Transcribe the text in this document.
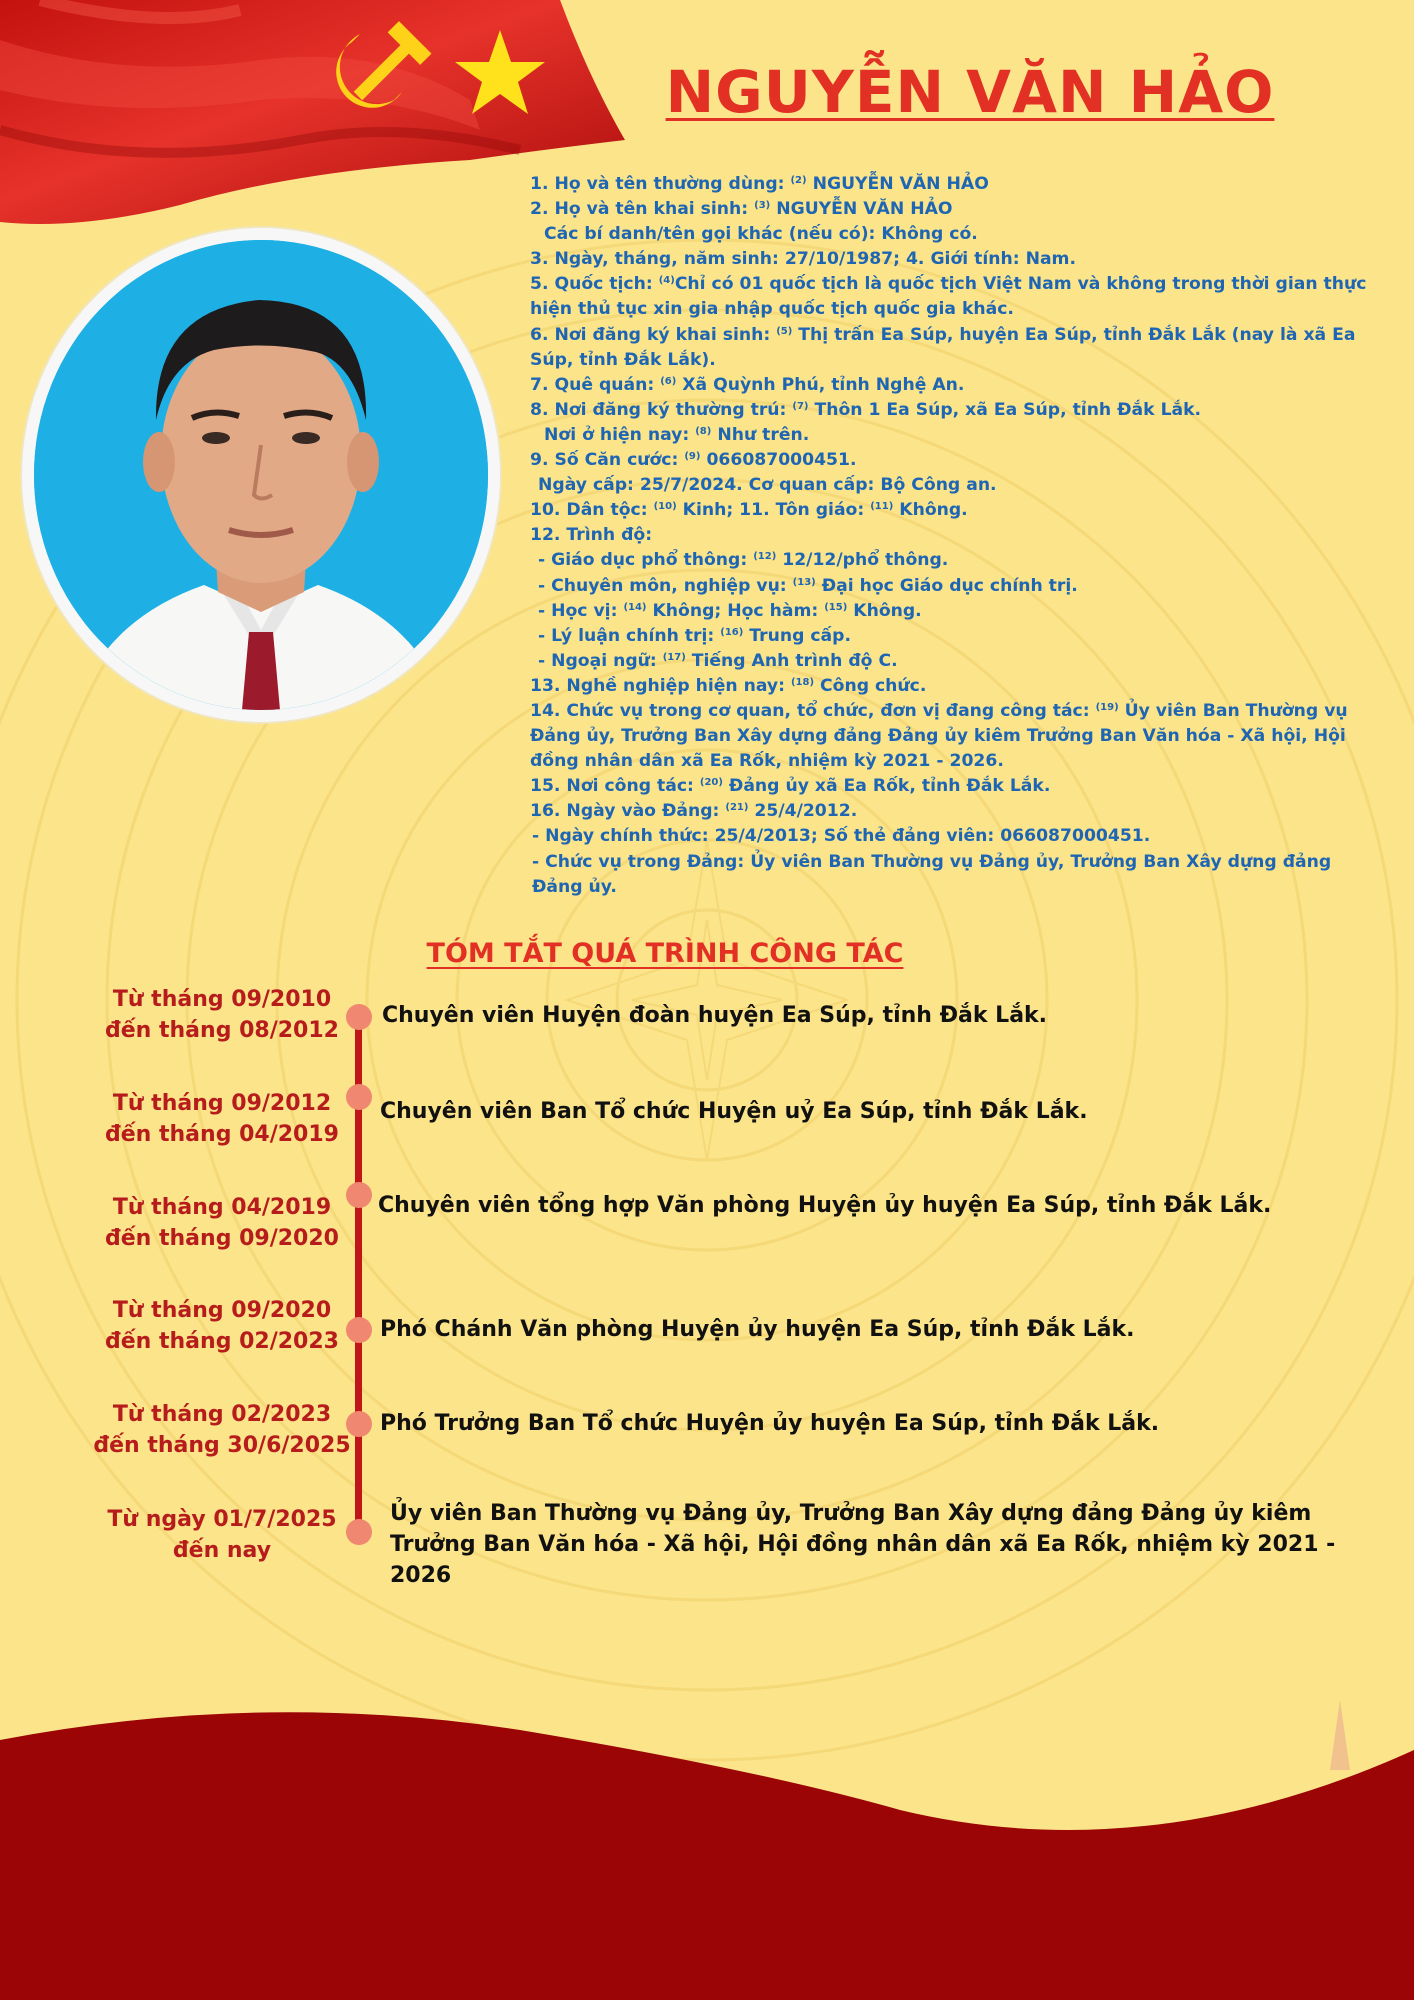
NGUYỄN VĂN HẢO

1. Họ và tên thường dùng: $^{(2)}$ NGUYỄN VĂN HẢO

2. Họ và tên khai sinh: $^{(3)}$ NGUYỄN VĂN HẢO

Các bí danh/tên gọi khác (nếu có): Không có.

3. Ngày, tháng, năm sinh: 27/10/1987; 4. Giới tính: Nam.

5. Quốc tịch: $^{(4)}$Chỉ có 01 quốc tịch là quốc tịch Việt Nam và không trong thời gian thực hiện thủ tục xin gia nhập quốc tịch quốc gia khác.

6. Nơi đăng ký khai sinh: $^{(5)}$ Thị trấn Ea Súp, huyện Ea Súp, tỉnh Đắk Lắk (nay là xã Ea Súp, tỉnh Đắk Lắk).

7. Quê quán: $^{(6)}$ Xã Quỳnh Phú, tỉnh Nghệ An.

8. Nơi đăng ký thường trú: $^{(7)}$ Thôn 1 Ea Súp, xã Ea Súp, tỉnh Đắk Lắk.

Nơi ở hiện nay: $^{(8)}$ Như trên.

9. Số Căn cước: $^{(9)}$ 066087000451.

Ngày cấp: 25/7/2024. Cơ quan cấp: Bộ Công an.

10. Dân tộc: $^{(10)}$ Kinh; 11. Tôn giáo: $^{(11)}$ Không.

12. Trình độ:

- Giáo dục phổ thông: $^{(12)}$ 12/12/phổ thông.

- Chuyên môn, nghiệp vụ: $^{(13)}$ Đại học Giáo dục chính trị.

- Học vị: $^{(14)}$ Không; Học hàm: $^{(15)}$ Không.

- Lý luận chính trị: $^{(16)}$ Trung cấp.

- Ngoại ngữ: $^{(17)}$ Tiếng Anh trình độ C.

13. Nghề nghiệp hiện nay: $^{(18)}$ Công chức.

14. Chức vụ trong cơ quan, tổ chức, đơn vị đang công tác: $^{(19)}$ Ủy viên Ban Thường vụ Đảng ủy, Trưởng Ban Xây dựng đảng Đảng ủy kiêm Trưởng Ban Văn hóa - Xã hội, Hội đồng nhân dân xã Ea Rốk, nhiệm kỳ 2021 - 2026.

15. Nơi công tác: $^{(20)}$ Đảng ủy xã Ea Rốk, tỉnh Đắk Lắk.

16. Ngày vào Đảng: $^{(21)}$ 25/4/2012.

- Ngày chính thức: 25/4/2013; Số thẻ đảng viên: 066087000451.

- Chức vụ trong Đảng: Ủy viên Ban Thường vụ Đảng ủy, Trưởng Ban Xây dựng đảng Đảng ủy.

TÓM TẮT QUÁ TRÌNH CÔNG TÁC
Từ tháng 09/2010
đến tháng 08/2012
Chuyên viên Huyện đoàn huyện Ea Súp, tỉnh Đắk Lắk.
Từ tháng 09/2012
đến tháng 04/2019
Chuyên viên Ban Tổ chức Huyện uỷ Ea Súp, tỉnh Đắk Lắk.
Từ tháng 04/2019
đến tháng 09/2020
Chuyên viên tổng hợp Văn phòng Huyện ủy huyện Ea Súp, tỉnh Đắk Lắk.
Từ tháng 09/2020
đến tháng 02/2023	Phó Chánh Văn phòng Huyện ủy huyện Ea Súp, tỉnh Đắk Lắk.
Từ tháng 02/2023
đến tháng 30/6/2025
Phó Trưởng Ban Tổ chức Huyện ủy huyện Ea Súp, tỉnh Đắk Lắk.
Từ ngày 01/7/2025
đến nay
Ủy viên Ban Thường vụ Đảng ủy, Trưởng Ban Xây dựng đảng Đảng ủy kiêm Trưởng Ban Văn hóa - Xã hội, Hội đồng nhân dân xã Ea Rốk, nhiệm kỳ 2021 - 2026
